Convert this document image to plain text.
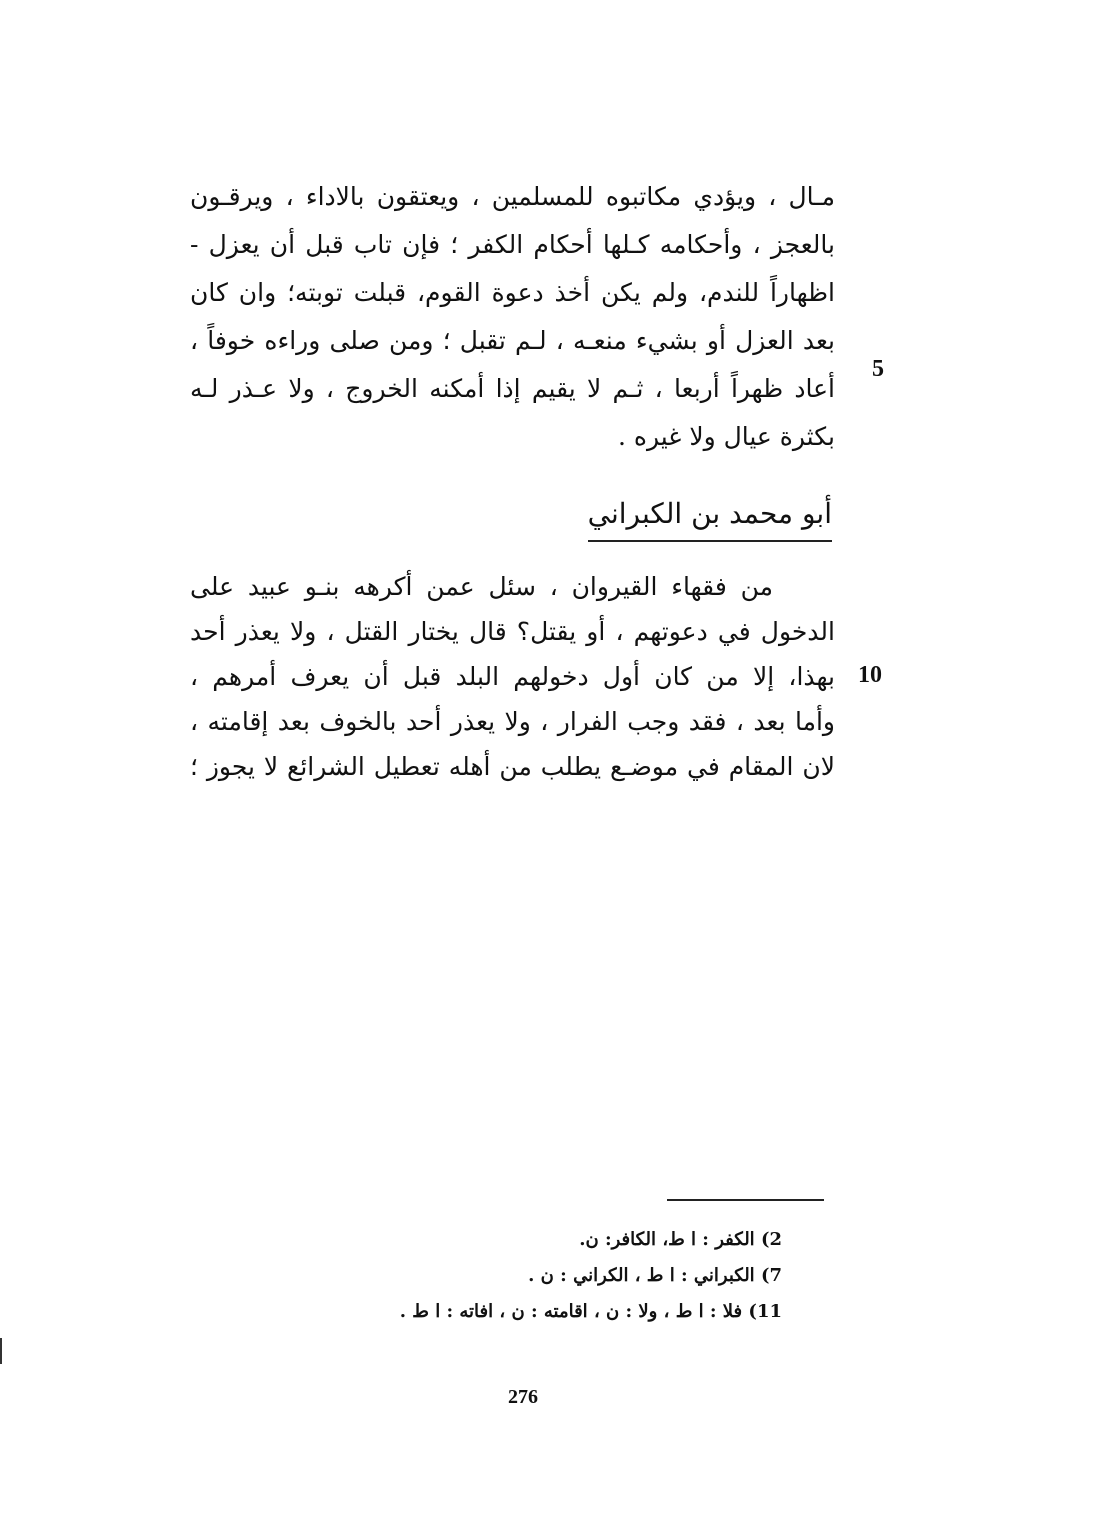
مـال ، ويؤدي مكاتبوه للمسلمين ، ويعتقون بالاداء ، ويرقـون
بالعجز ، وأحكامه كـلها أحكام الكفر ؛ فإن تاب قبل أن يعزل -
اظهاراً للندم، ولم يكن أخذ دعوة القوم، قبلت توبته؛ وان كان
بعد العزل أو بشيء منعـه ، لـم تقبل ؛ ومن صلى وراءه خوفاً ،
أعاد ظهراً أربعا ، ثـم لا يقيم إذا أمكنه الخروج ، ولا عـذر لـه
بكثرة عيال ولا غيره .
5
أبو محمد بن الكبراني
من فقهاء القيروان ، سئل عمن أكرهه بنـو عبيد على
الدخول في دعوتهم ، أو يقتل؟ قال يختار القتل ، ولا يعذر أحد
بهذا، إلا من كان أول دخولهم البلد قبل أن يعرف أمرهم ،
وأما بعد ، فقد وجب الفرار ، ولا يعذر أحد بالخوف بعد إقامته ،
لان المقام في موضـع يطلب من أهله تعطيل الشرائع لا يجوز ؛
10
2) الكفر : ا ط، الكافر: ن.
7) الكبراني : ا ط ، الكراني : ن .
11) فلا : ا ط ، ولا : ن ، اقامته : ن ، افاته : ا ط .
276
